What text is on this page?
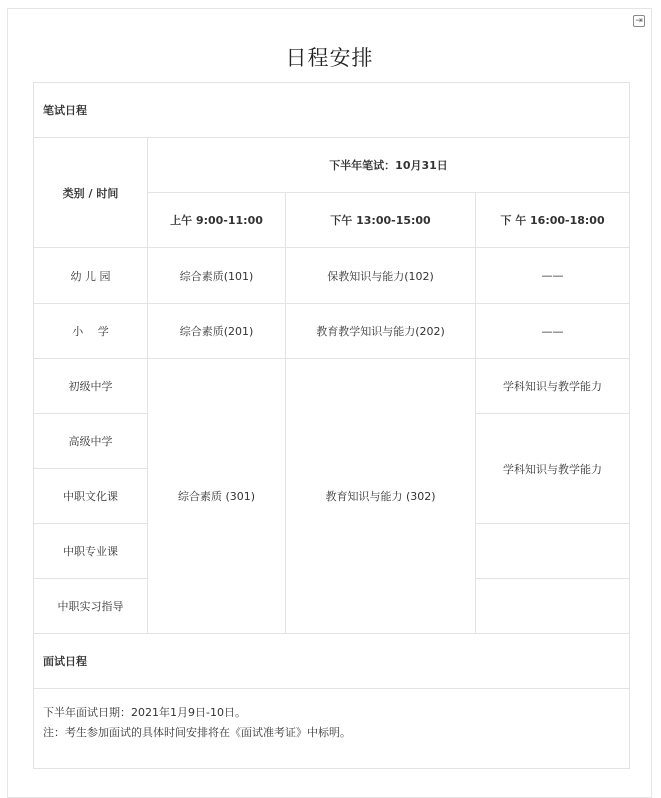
⇥
日程安排
笔试日程			
类别 / 时间	下半年笔试：10月31日		
	上午 9:00-11:00	下午 13:00-15:00	下 午 16:00-18:00
幼 儿 园	综合素质(101)	保教知识与能力(102)	——
小　 学	综合素质(201)	教育教学知识与能力(202)	——
初级中学	综合素质 (301)	教育知识与能力 (302)	学科知识与教学能力
高级中学			学科知识与教学能力
中职文化课			
中职专业课			
中职实习指导			
面试日程			

下半年面试日期：2021年1月9日-10日。
注：考生参加面试的具体时间安排将在《面试准考证》中标明。			
